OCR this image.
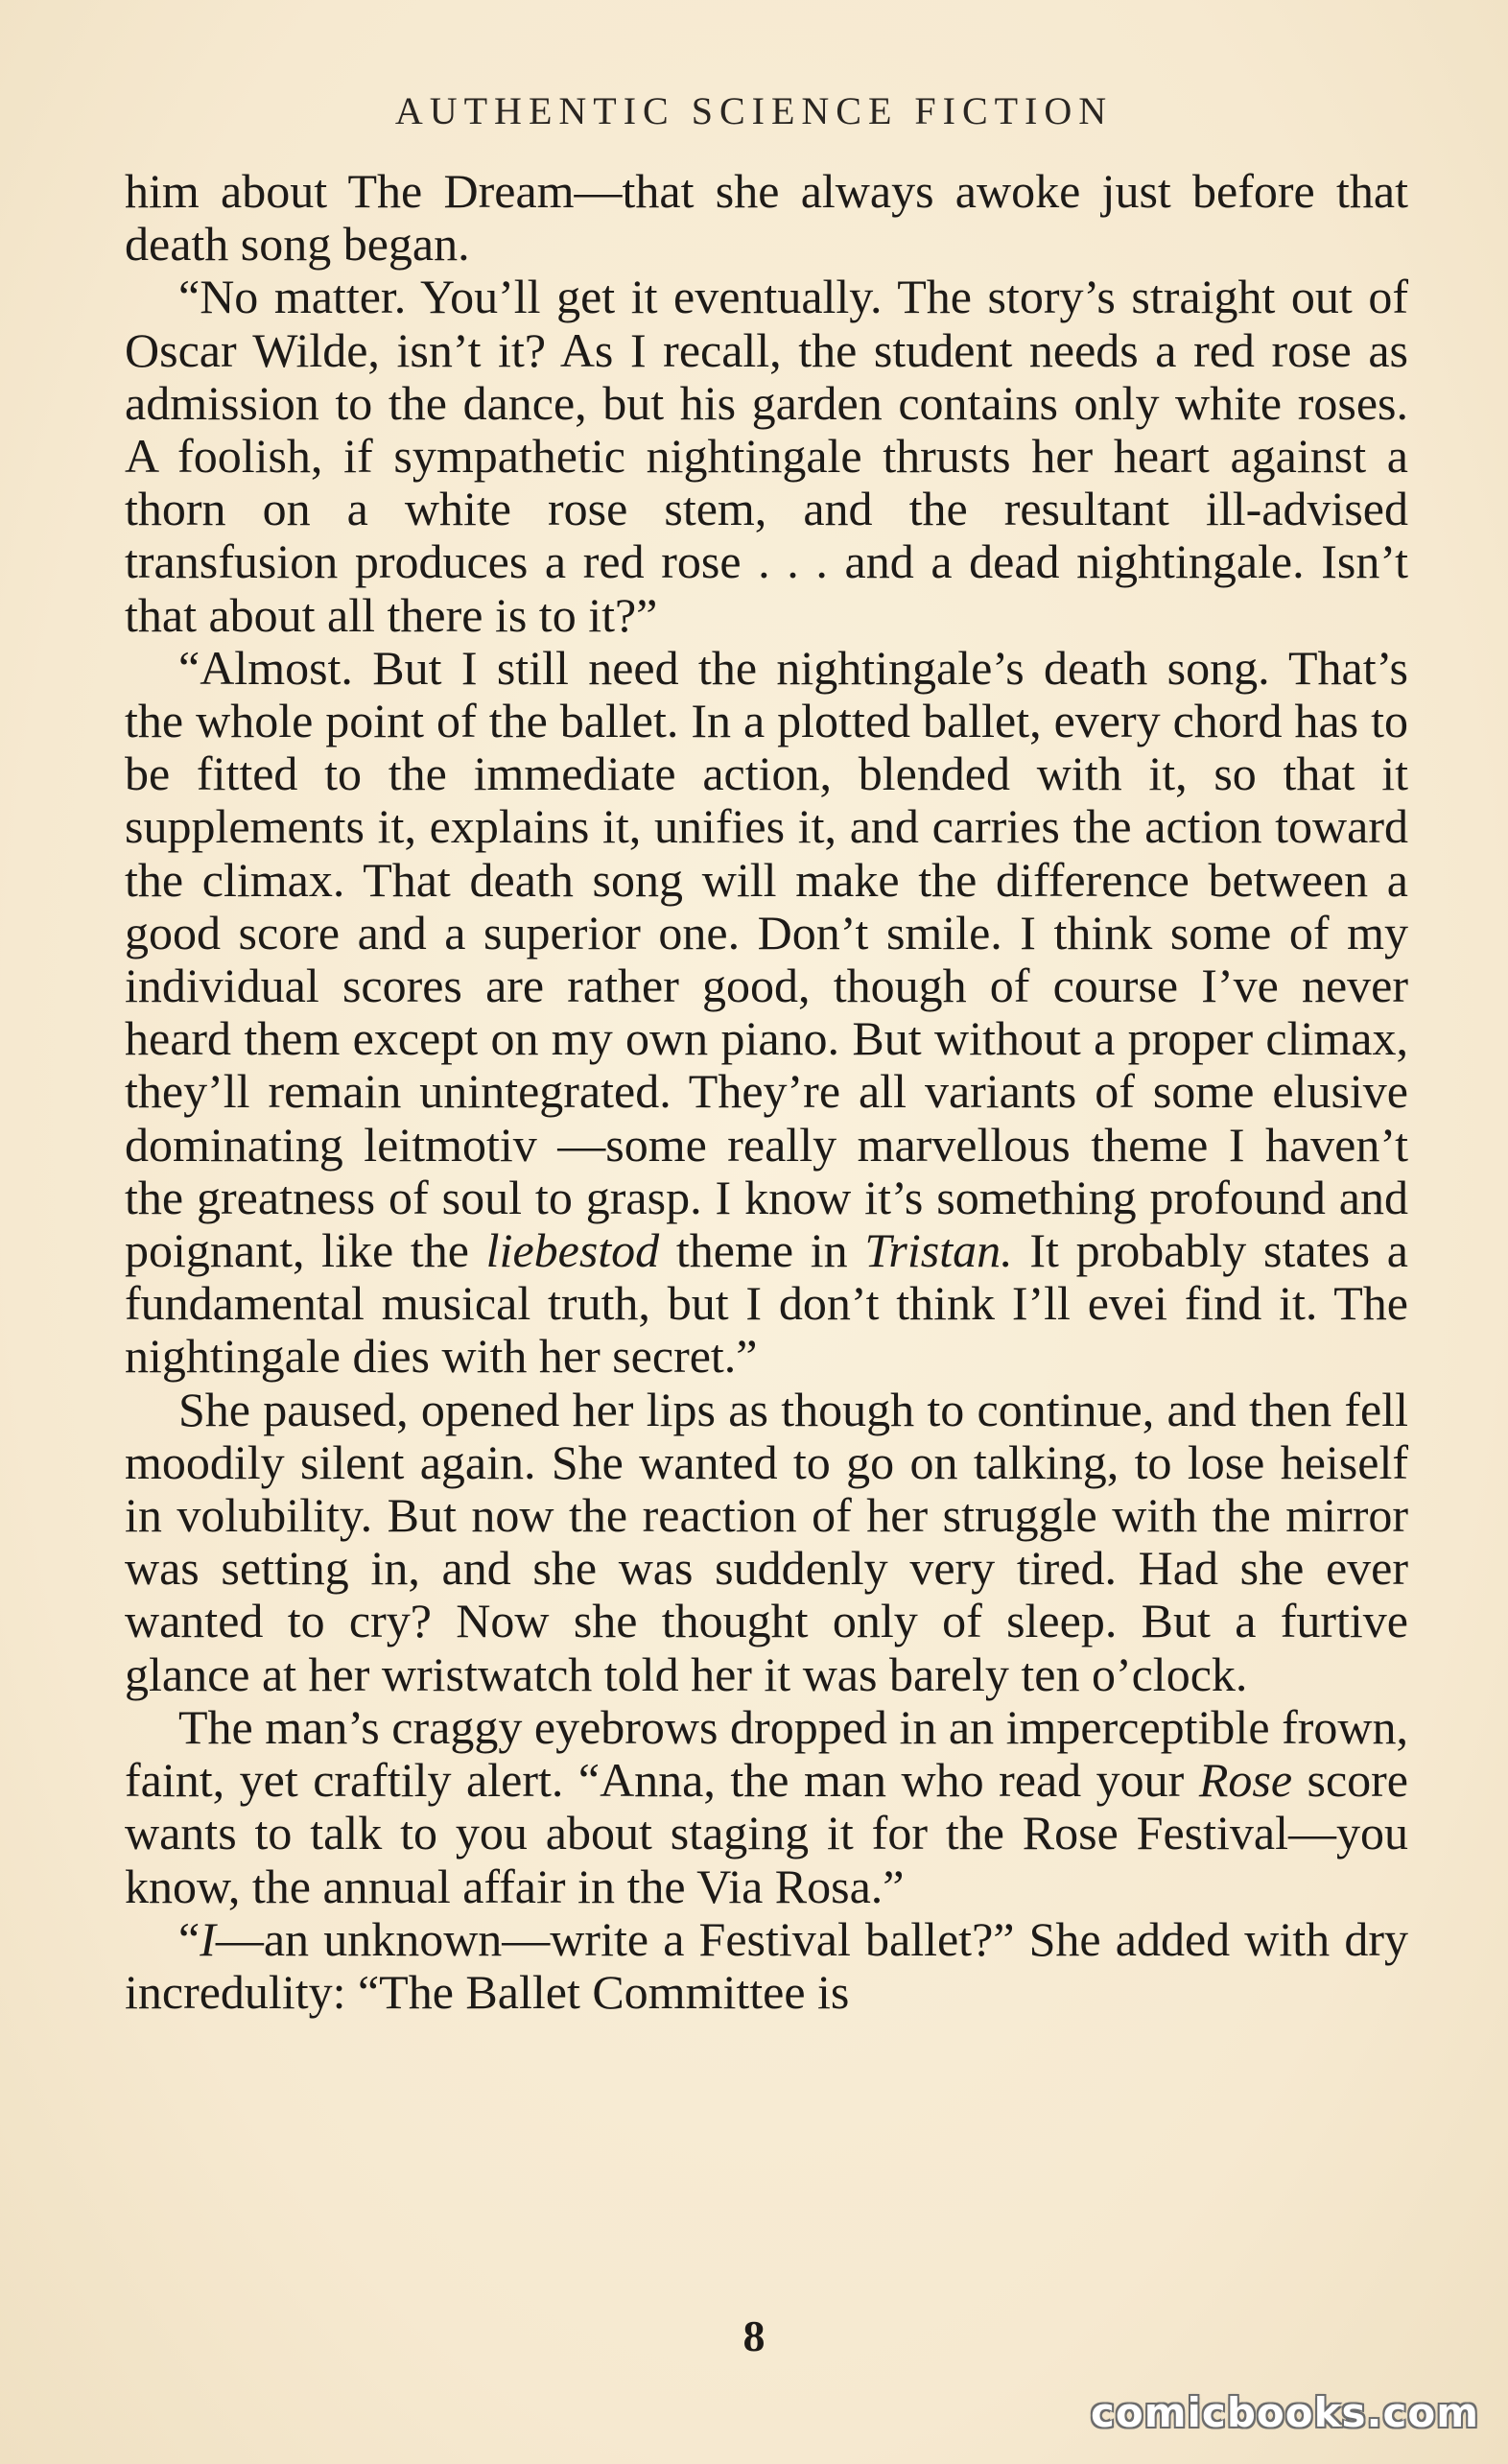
AUTHENTIC SCIENCE FICTION

him about The Dream—that she always awoke just before that death song began.

“No matter. You’ll get it eventually. The story’s straight out of Oscar Wilde, isn’t it? As I recall, the student needs a red rose as admission to the dance, but his garden contains only white roses. A foolish, if sympathetic nightingale thrusts her heart against a thorn on a white rose stem, and the resultant ill-advised transfusion produces a red rose . . . and a dead nightingale. Isn’t that about all there is to it?”

“Almost. But I still need the nightingale’s death song. That’s the whole point of the ballet. In a plotted ballet, every chord has to be fitted to the immediate action, blended with it, so that it supplements it, explains it, unifies it, and carries the action toward the climax. That death song will make the difference between a good score and a superior one. Don’t smile. I think some of my individual scores are rather good, though of course I’ve never heard them except on my own piano. But without a proper climax, they’ll remain unintegrated. They’re all variants of some elusive dominating leitmotiv —some really marvellous theme I haven’t the greatness of soul to grasp. I know it’s something profound and poignant, like the liebestod theme in Tristan. It probably states a fundamental musical truth, but I don’t think I’ll evei find it. The nightingale dies with her secret.”

She paused, opened her lips as though to continue, and then fell moodily silent again. She wanted to go on talking, to lose heiself in volubility. But now the reaction of her struggle with the mirror was setting in, and she was suddenly very tired. Had she ever wanted to cry? Now she thought only of sleep. But a furtive glance at her wristwatch told her it was barely ten o’clock.

The man’s craggy eyebrows dropped in an imperceptible frown, faint, yet craftily alert. “Anna, the man who read your Rose score wants to talk to you about staging it for the Rose Festival—you know, the annual affair in the Via Rosa.”

“I—an unknown—write a Festival ballet?” She added with dry incredulity: “The Ballet Committee is

8
comicbooks.com
